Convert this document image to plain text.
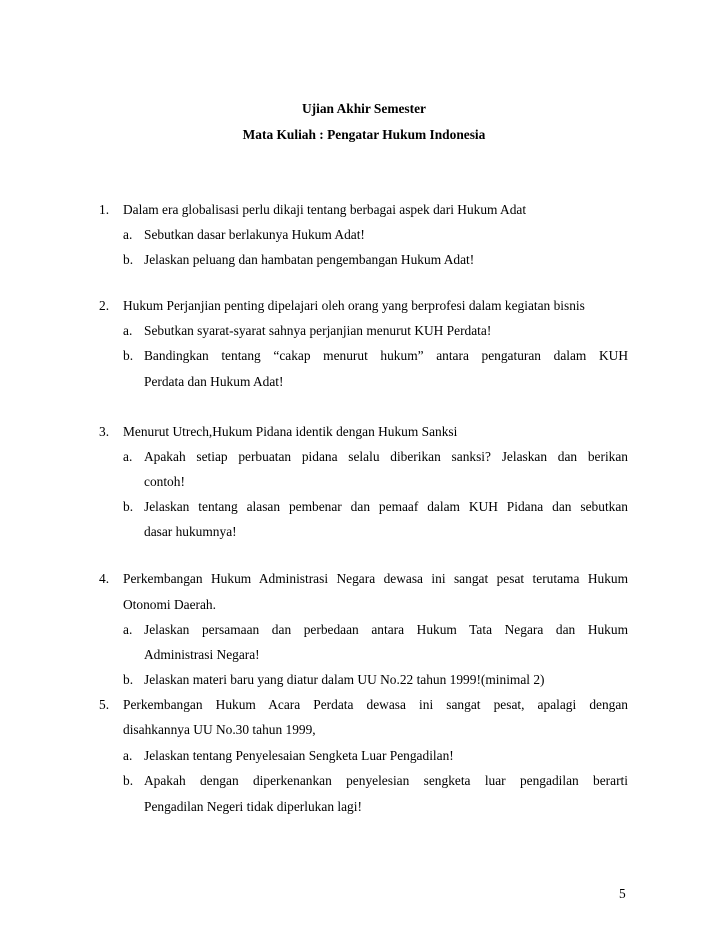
Ujian Akhir Semester
Mata Kuliah : Pengatar Hukum Indonesia
1. Dalam era globalisasi perlu dikaji tentang berbagai aspek dari Hukum Adat
a. Sebutkan dasar berlakunya Hukum Adat!
b. Jelaskan peluang dan hambatan pengembangan Hukum Adat!
2. Hukum Perjanjian penting dipelajari oleh orang yang berprofesi dalam kegiatan bisnis
a. Sebutkan syarat-syarat sahnya perjanjian menurut KUH Perdata!
b. Bandingkan tentang “cakap menurut hukum” antara pengaturan dalam KUH
Perdata dan Hukum Adat!
3. Menurut Utrech,Hukum Pidana identik dengan Hukum Sanksi
a. Apakah setiap perbuatan pidana selalu diberikan sanksi? Jelaskan dan berikan
contoh!
b. Jelaskan tentang alasan pembenar dan pemaaf dalam KUH Pidana dan sebutkan
dasar hukumnya!
4. Perkembangan Hukum Administrasi Negara dewasa ini sangat pesat terutama Hukum
Otonomi Daerah.
a. Jelaskan persamaan dan perbedaan antara Hukum Tata Negara dan Hukum
Administrasi Negara!
b. Jelaskan materi baru yang diatur dalam UU No.22 tahun 1999!(minimal 2)
5. Perkembangan Hukum Acara Perdata dewasa ini sangat pesat, apalagi dengan
disahkannya UU No.30 tahun 1999,
a. Jelaskan tentang Penyelesaian Sengketa Luar Pengadilan!
b. Apakah dengan diperkenankan penyelesian sengketa luar pengadilan berarti
Pengadilan Negeri tidak diperlukan lagi!
5
